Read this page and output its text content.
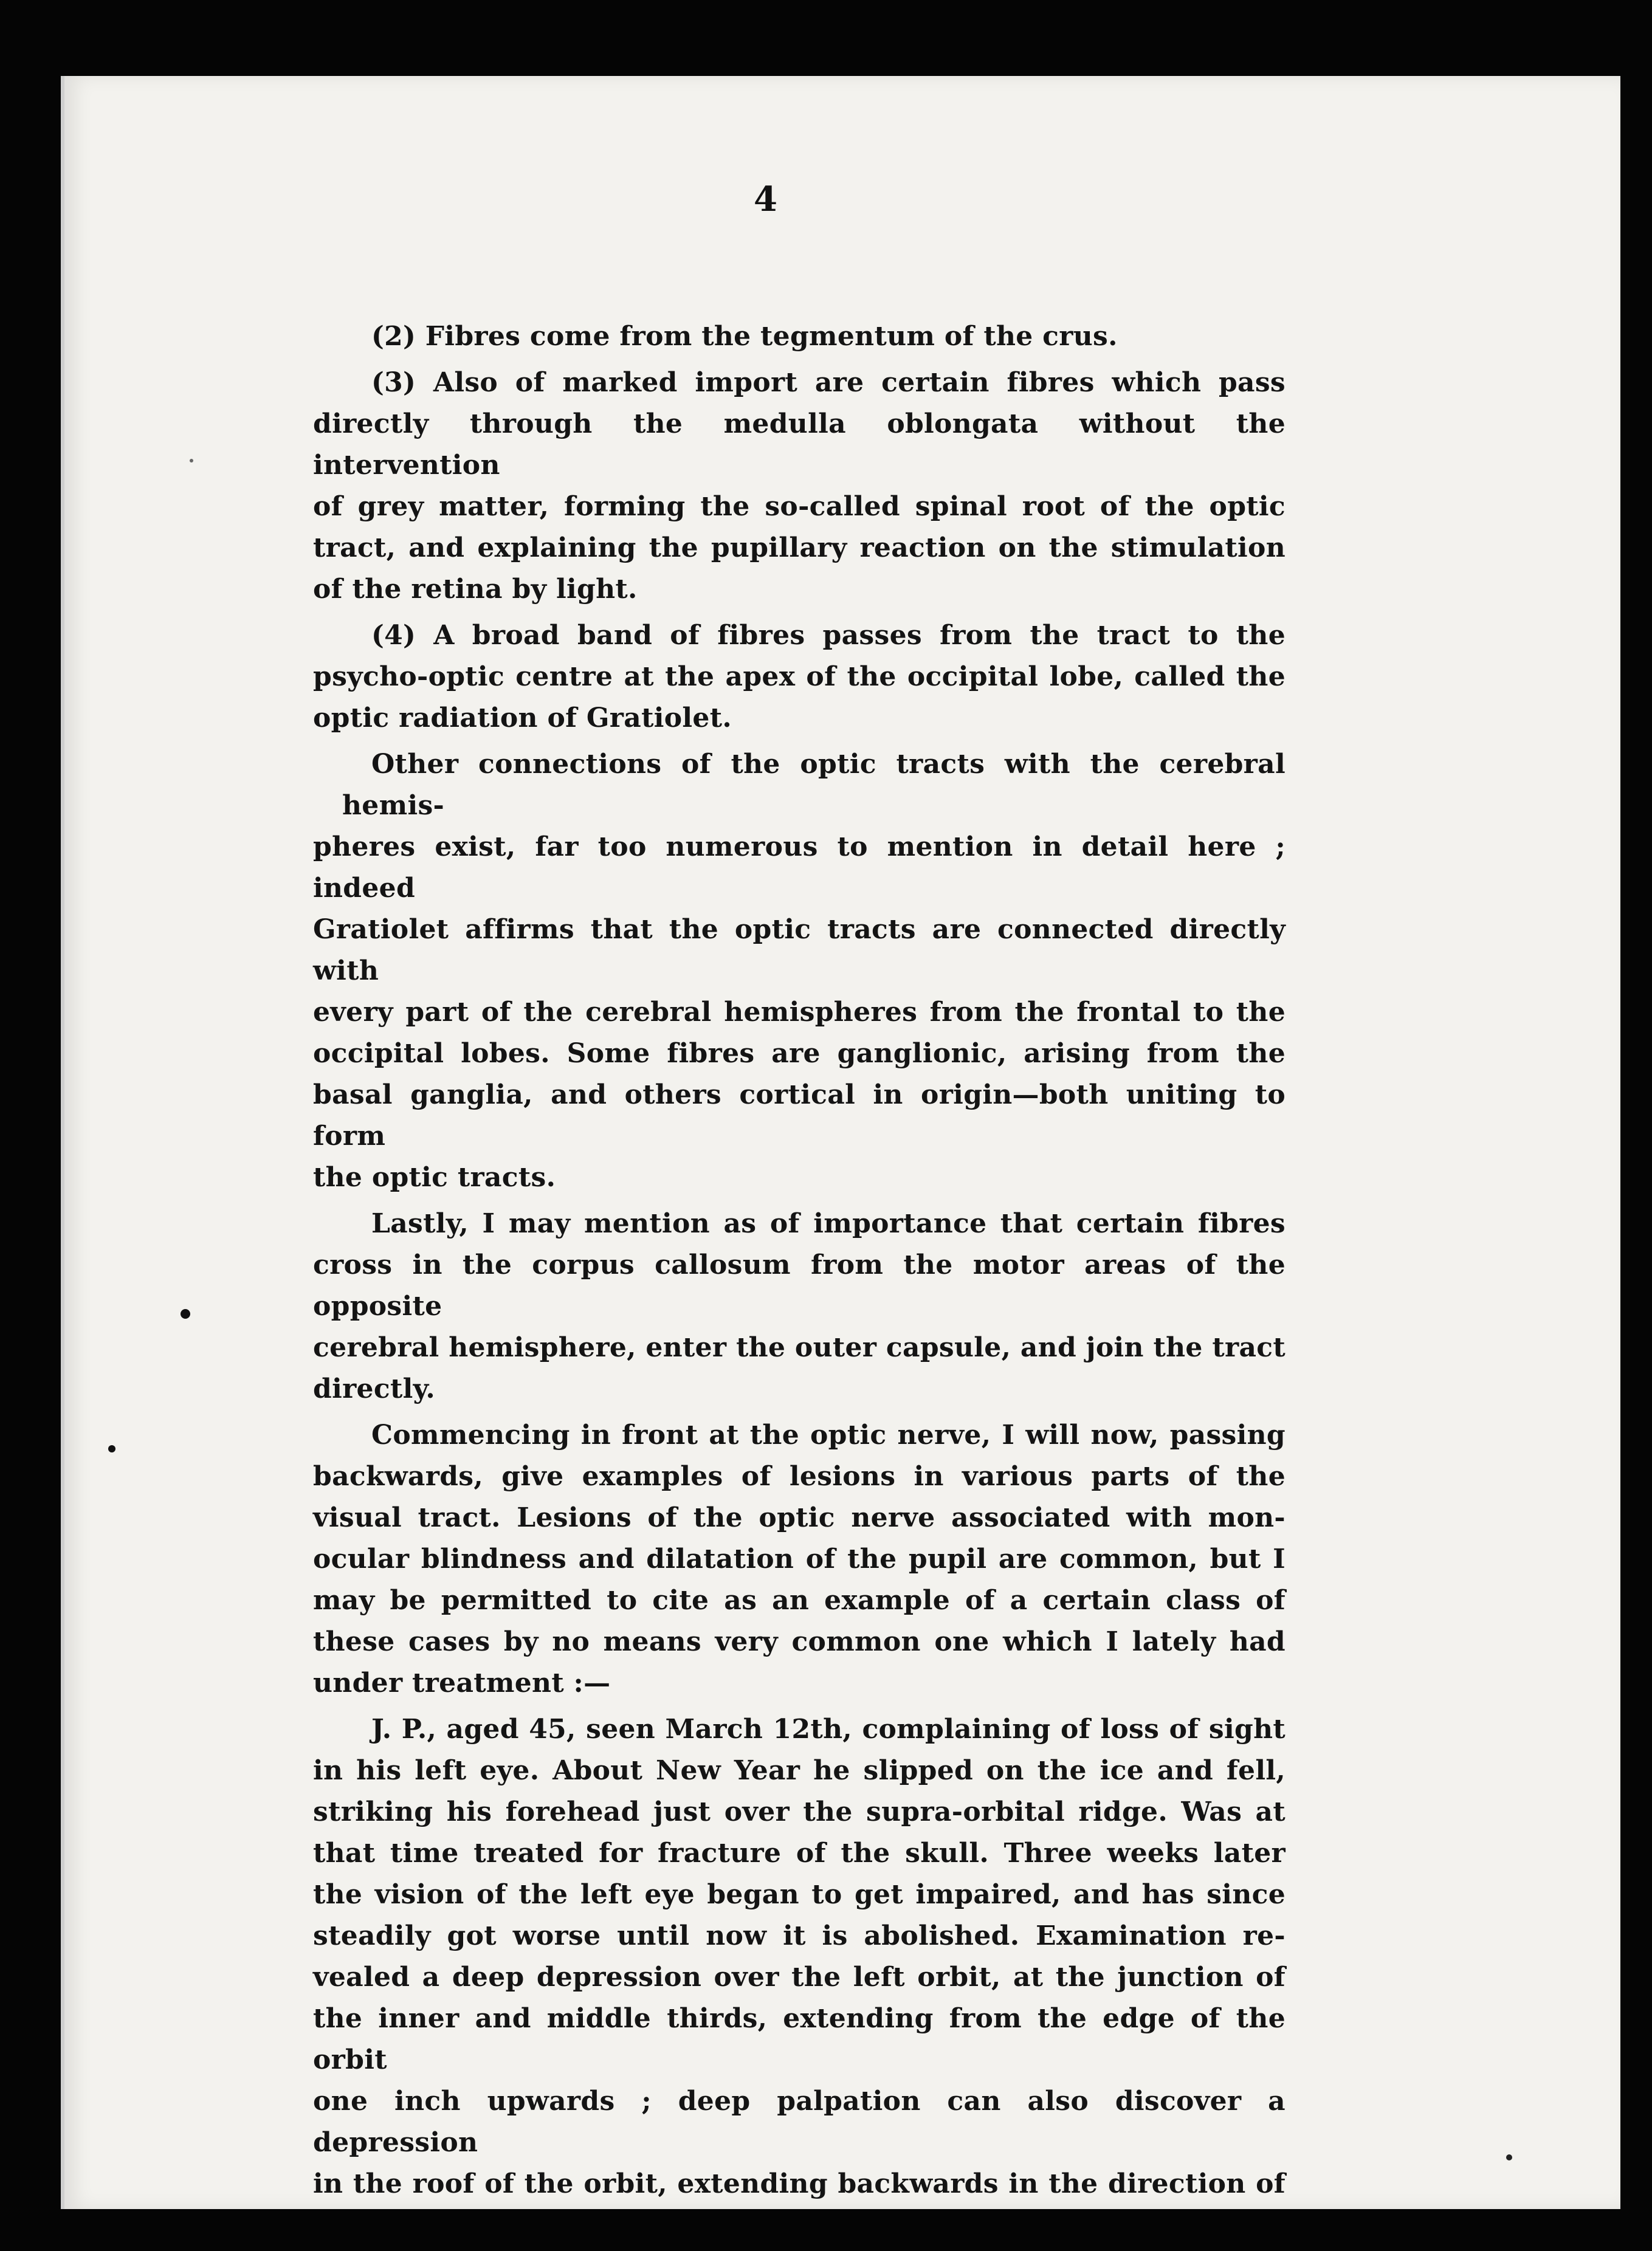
4
(2) Fibres come from the tegmentum of the crus.
(3) Also of marked import are certain fibres which pass
directly through the medulla oblongata without the intervention
of grey matter, forming the so-called spinal root of the optic
tract, and explaining the pupillary reaction on the stimulation
of the retina by light.
(4) A broad band of fibres passes from the tract to the
psycho-optic centre at the apex of the occipital lobe, called the
optic radiation of Gratiolet.
Other connections of the optic tracts with the cerebral hemis-
pheres exist, far too numerous to mention in detail here ; indeed
Gratiolet affirms that the optic tracts are connected directly with
every part of the cerebral hemispheres from the frontal to the
occipital lobes. Some fibres are ganglionic, arising from the
basal ganglia, and others cortical in origin—both uniting to form
the optic tracts.
Lastly, I may mention as of importance that certain fibres
cross in the corpus callosum from the motor areas of the opposite
cerebral hemisphere, enter the outer capsule, and join the tract
directly.
Commencing in front at the optic nerve, I will now, passing
backwards, give examples of lesions in various parts of the
visual tract. Lesions of the optic nerve associated with mon-
ocular blindness and dilatation of the pupil are common, but I
may be permitted to cite as an example of a certain class of
these cases by no means very common one which I lately had
under treatment :—
J. P., aged 45, seen March 12th, complaining of loss of sight
in his left eye. About New Year he slipped on the ice and fell,
striking his forehead just over the supra-orbital ridge. Was at
that time treated for fracture of the skull. Three weeks later
the vision of the left eye began to get impaired, and has since
steadily got worse until now it is abolished. Examination re-
vealed a deep depression over the left orbit, at the junction of
the inner and middle thirds, extending from the edge of the orbit
one inch upwards ; deep palpation can also discover a depression
in the roof of the orbit, extending backwards in the direction of
